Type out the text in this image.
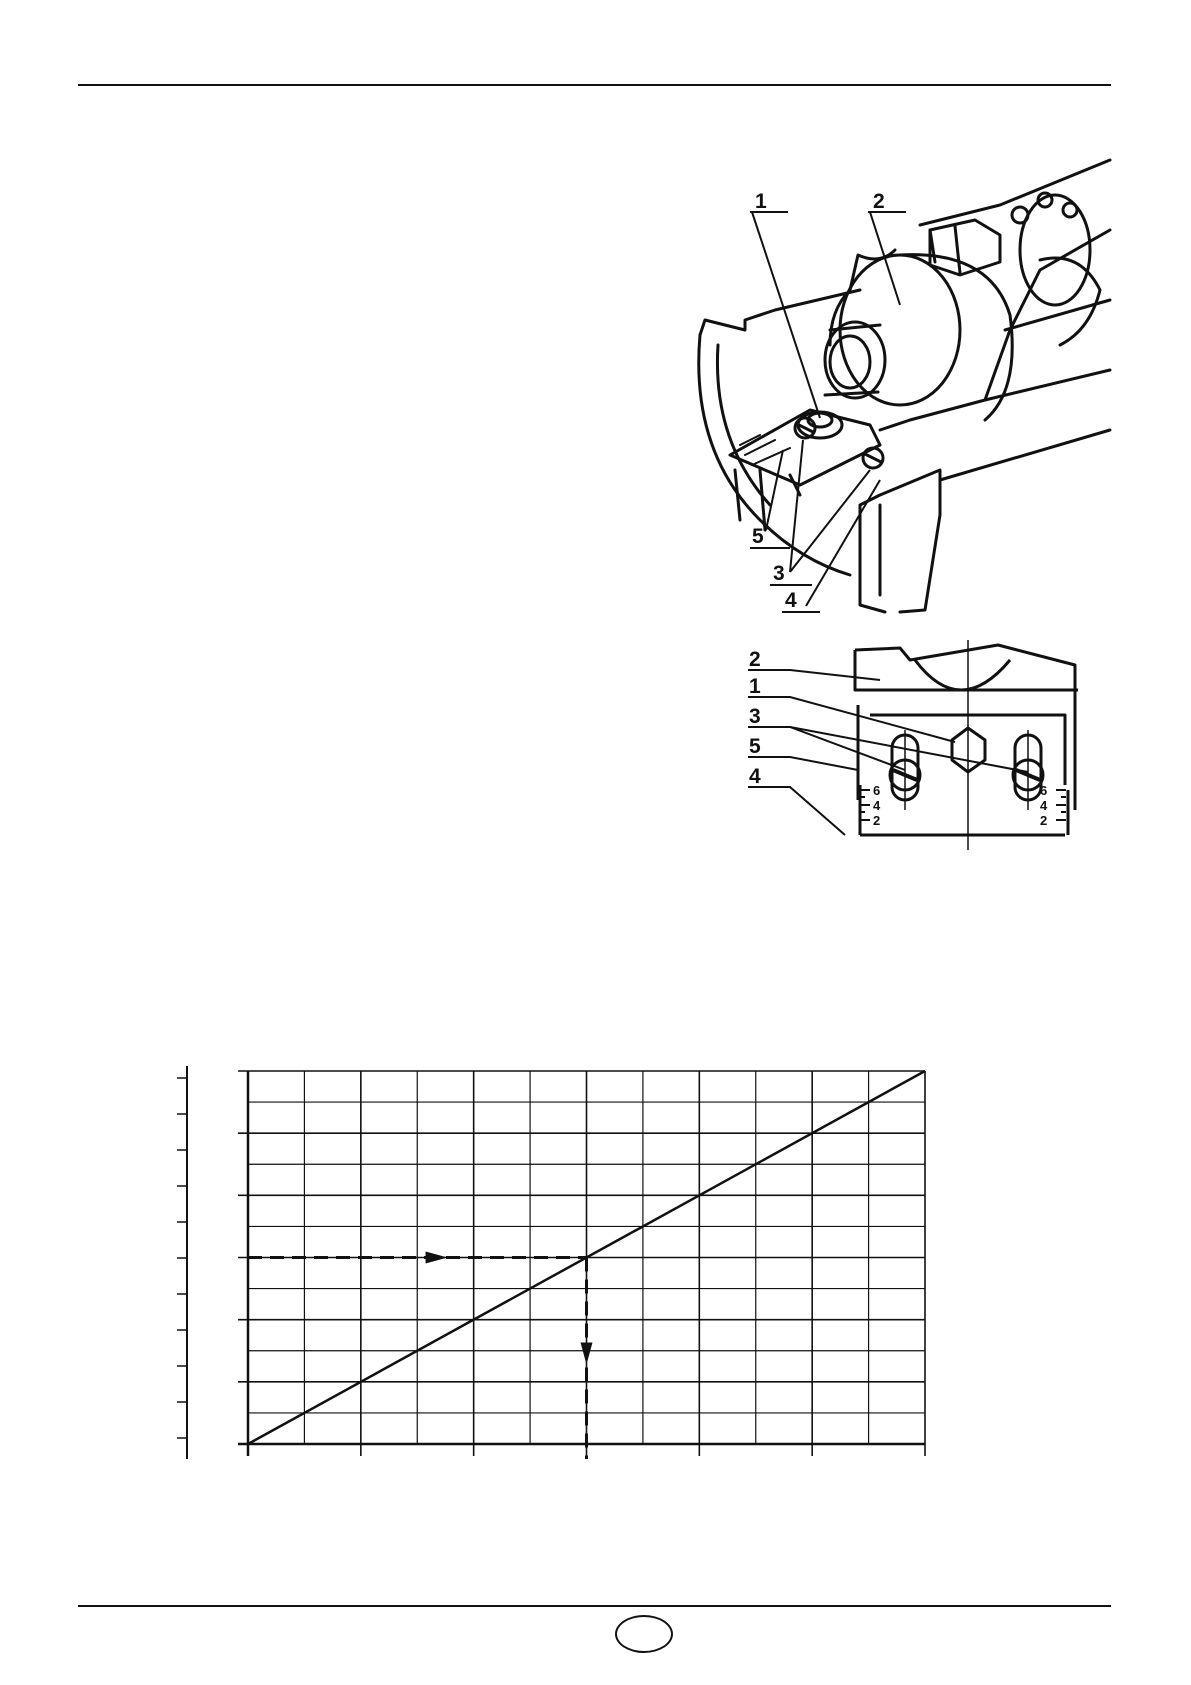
1	2
5
3
4
6
4
2
6
4
2
2
1
3
5
4
